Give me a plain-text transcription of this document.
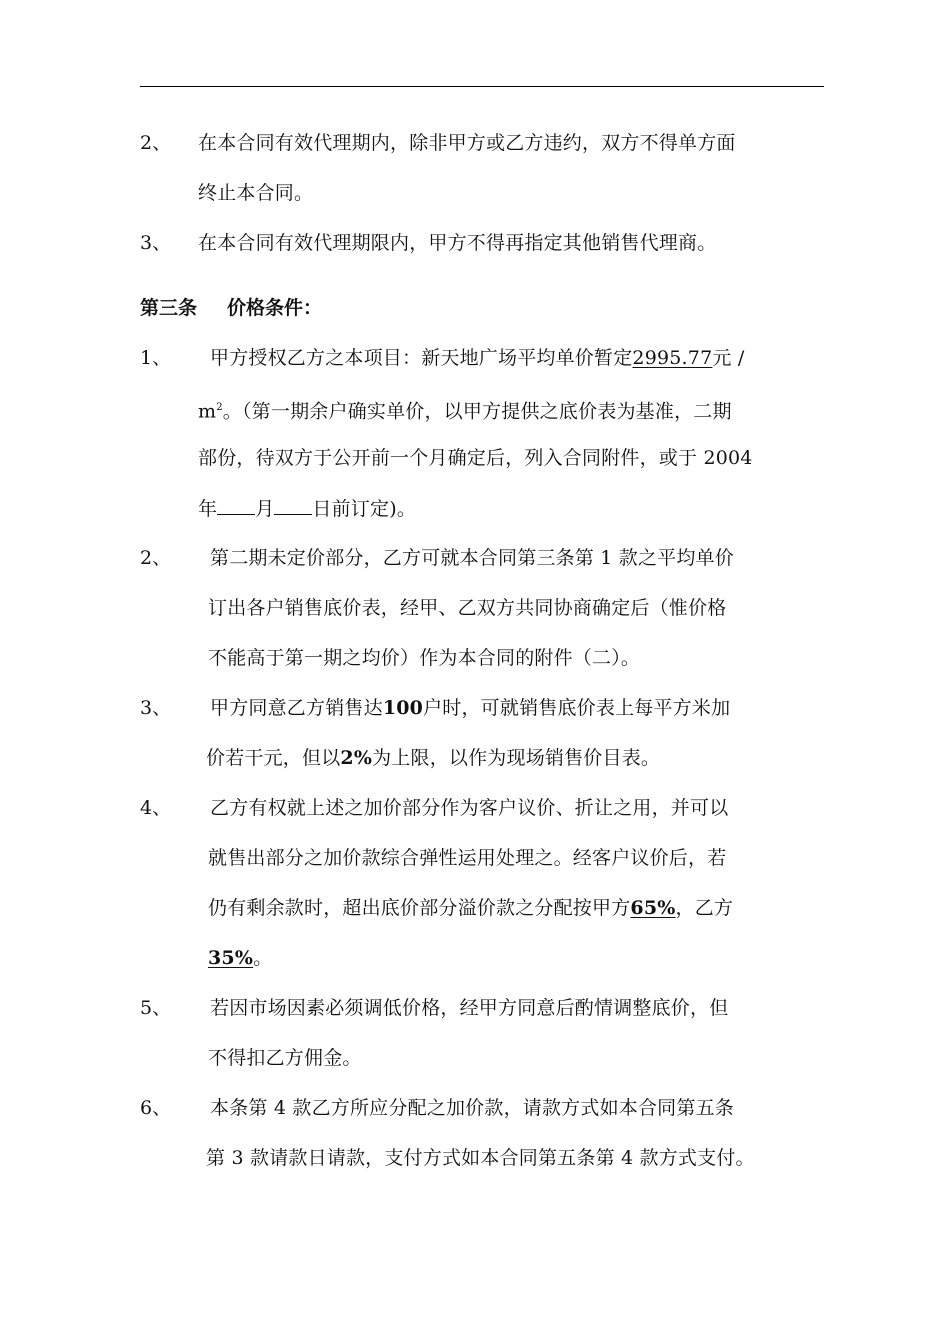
2、 在本合同有效代理期内，除非甲方或乙方违约，双方不得单方面
终止本合同。
3、 在本合同有效代理期限内，甲方不得再指定其他销售代理商。
第三条 价格条件：
1、 甲方授权乙方之本项目：新天地广场平均单价暂定2995.77元 /
$m^2$。（第一期余户确实单价，以甲方提供之底价表为基准，二期
部份，待双方于公开前一个月确定后，列入合同附件，或于 2004
年 月 日前订定)。
2、 第二期未定价部分，乙方可就本合同第三条第 1 款之平均单价
订出各户销售底价表，经甲、乙双方共同协商确定后（惟价格
不能高于第一期之均价）作为本合同的附件（二）。
3、 甲方同意乙方销售达100户时，可就销售底价表上每平方米加
价若干元，但以2%为上限，以作为现场销售价目表。
4、 乙方有权就上述之加价部分作为客户议价、折让之用，并可以
就售出部分之加价款综合弹性运用处理之。经客户议价后，若
仍有剩余款时，超出底价部分溢价款之分配按甲方65%，乙方
35%。
5、 若因市场因素必须调低价格，经甲方同意后酌情调整底价，但
不得扣乙方佣金。
6、 本条第 4 款乙方所应分配之加价款，请款方式如本合同第五条
第 3 款请款日请款，支付方式如本合同第五条第 4 款方式支付。
